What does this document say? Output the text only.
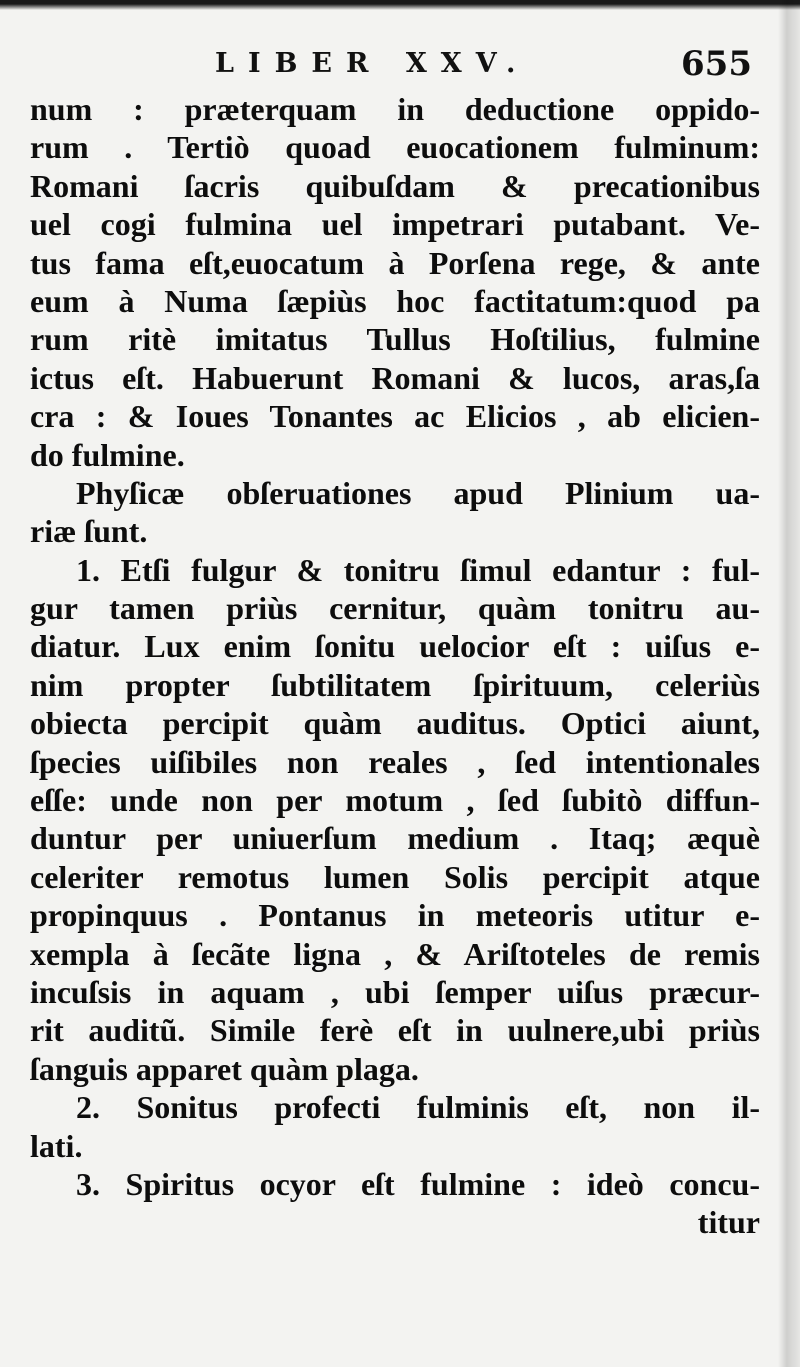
LIBER XXV.	655
num : præterquam in deductione oppido-
rum . Tertiò quoad euocationem fulminum:
Romani ſacris quibuſdam & precationibus
uel cogi fulmina uel impetrari putabant. Ve-
tus fama eſt,euocatum à Porſena rege, & ante
eum à Numa ſæpiùs hoc factitatum:quod pa
rum ritè imitatus Tullus Hoſtilius, fulmine
ictus eſt. Habuerunt Romani & lucos, aras,ſa
cra : & Ioues Tonantes ac Elicios , ab elicien-
do fulmine.
Phyſicæ obſeruationes apud Plinium ua-
riæ ſunt.
1. Etſi fulgur & tonitru ſimul edantur : ful-
gur tamen priùs cernitur, quàm tonitru au-
diatur. Lux enim ſonitu uelocior eſt : uiſus e-
nim propter ſubtilitatem ſpirituum, celeriùs
obiecta percipit quàm auditus. Optici aiunt,
ſpecies uiſibiles non reales , ſed intentionales
eſſe: unde non per motum , ſed ſubitò diffun-
duntur per uniuerſum medium . Itaq; æquè
celeriter remotus lumen Solis percipit atque
propinquus . Pontanus in meteoris utitur e-
xempla à ſecãte ligna , & Ariſtoteles de remis
incuſsis in aquam , ubi ſemper uiſus præcur-
rit auditũ. Simile ferè eſt in uulnere,ubi priùs
ſanguis apparet quàm plaga.
2. Sonitus profecti fulminis eſt, non il-
lati.
3. Spiritus ocyor eſt fulmine : ideò concu-
titur
